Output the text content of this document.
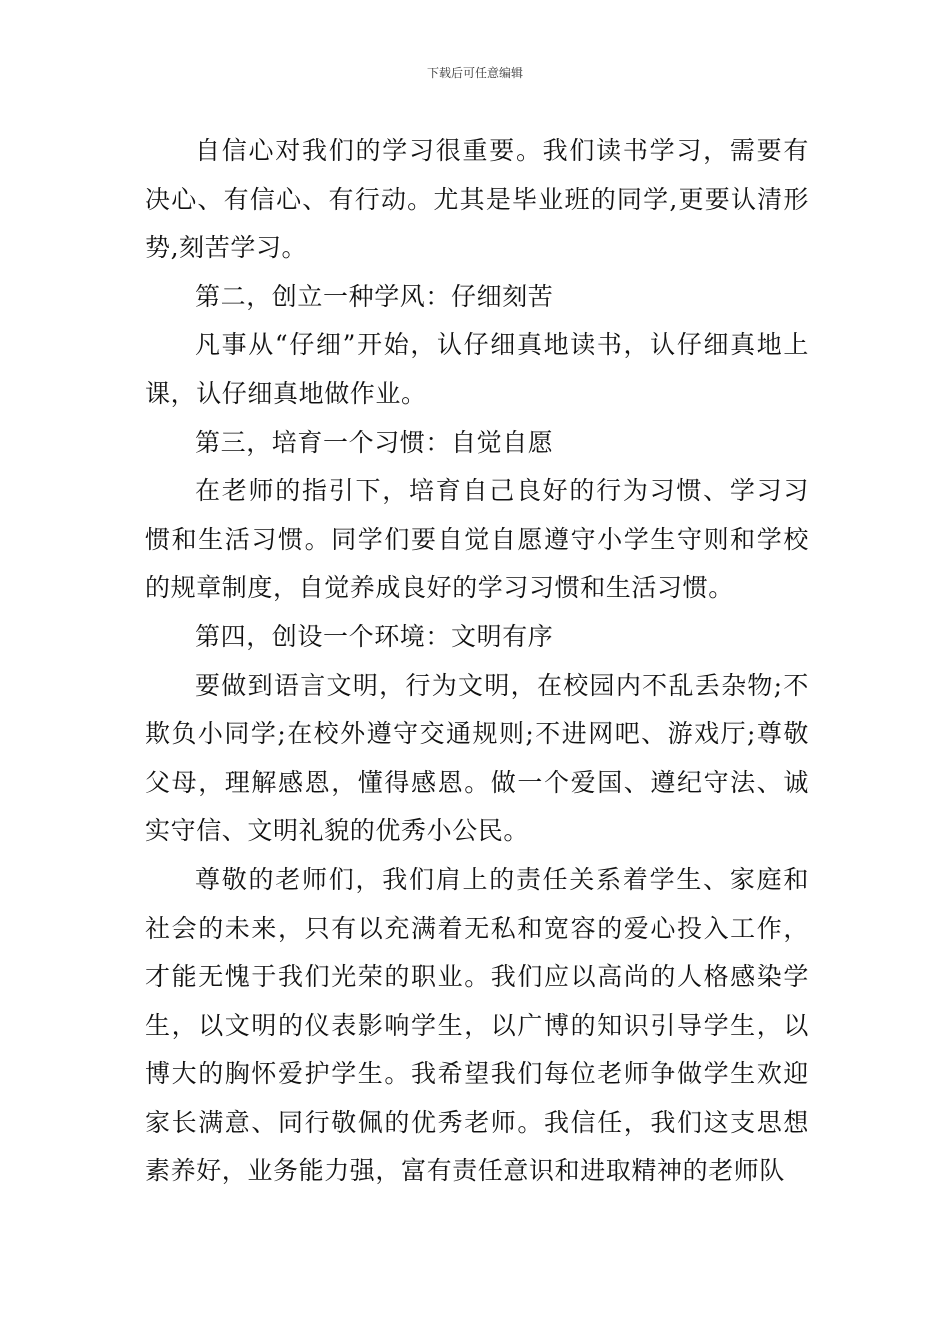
下载后可任意编辑

自信心对我们的学习很重要。我们读书学习，需要有决心、有信心、有行动。尤其是毕业班的同学,更要认清形势,刻苦学习。

第二，创立一种学风：仔细刻苦

凡事从“仔细”开始，认仔细真地读书，认仔细真地上课，认仔细真地做作业。

第三，培育一个习惯：自觉自愿

在老师的指引下，培育自己良好的行为习惯、学习习惯和生活习惯。同学们要自觉自愿遵守小学生守则和学校的规章制度，自觉养成良好的学习习惯和生活习惯。

第四，创设一个环境：文明有序

要做到语言文明，行为文明，在校园内不乱丢杂物;不欺负小同学;在校外遵守交通规则;不进网吧、游戏厅;尊敬父母，理解感恩，懂得感恩。做一个爱国、遵纪守法、诚实守信、文明礼貌的优秀小公民。

尊敬的老师们，我们肩上的责任关系着学生、家庭和社会的未来，只有以充满着无私和宽容的爱心投入工作，才能无愧于我们光荣的职业。我们应以高尚的人格感染学生，以文明的仪表影响学生，以广博的知识引导学生，以博大的胸怀爱护学生。我希望我们每位老师争做学生欢迎家长满意、同行敬佩的优秀老师。我信任，我们这支思想素养好，业务能力强，富有责任意识和进取精神的老师队
